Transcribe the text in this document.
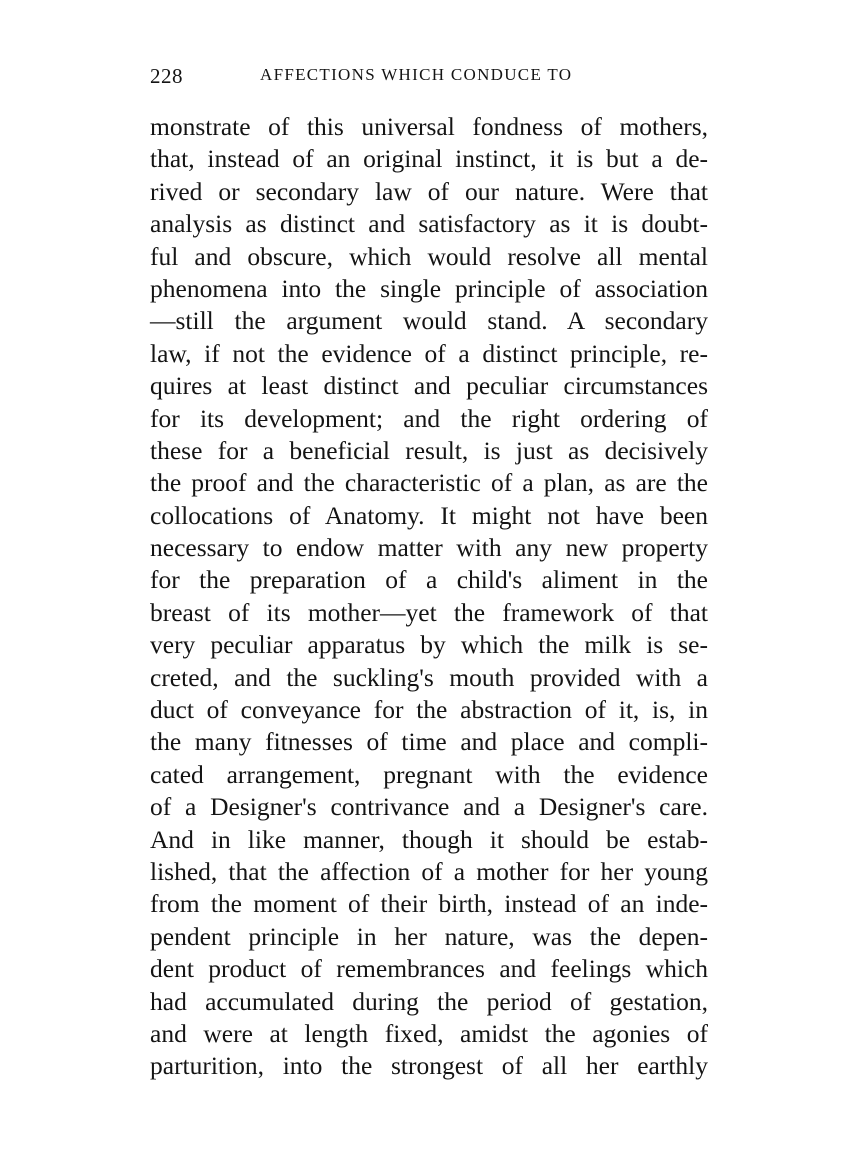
228	AFFECTIONS WHICH CONDUCE TO
monstrate of this universal fondness of mothers,
that, instead of an original instinct, it is but a de-
rived or secondary law of our nature. Were that
analysis as distinct and satisfactory as it is doubt-
ful and obscure, which would resolve all mental
phenomena into the single principle of association
—still the argument would stand. A secondary
law, if not the evidence of a distinct principle, re-
quires at least distinct and peculiar circumstances
for its development; and the right ordering of
these for a beneficial result, is just as decisively
the proof and the characteristic of a plan, as are the
collocations of Anatomy. It might not have been
necessary to endow matter with any new property
for the preparation of a child's aliment in the
breast of its mother—yet the framework of that
very peculiar apparatus by which the milk is se-
creted, and the suckling's mouth provided with a
duct of conveyance for the abstraction of it, is, in
the many fitnesses of time and place and compli-
cated arrangement, pregnant with the evidence
of a Designer's contrivance and a Designer's care.
And in like manner, though it should be estab-
lished, that the affection of a mother for her young
from the moment of their birth, instead of an inde-
pendent principle in her nature, was the depen-
dent product of remembrances and feelings which
had accumulated during the period of gestation,
and were at length fixed, amidst the agonies of
parturition, into the strongest of all her earthly
